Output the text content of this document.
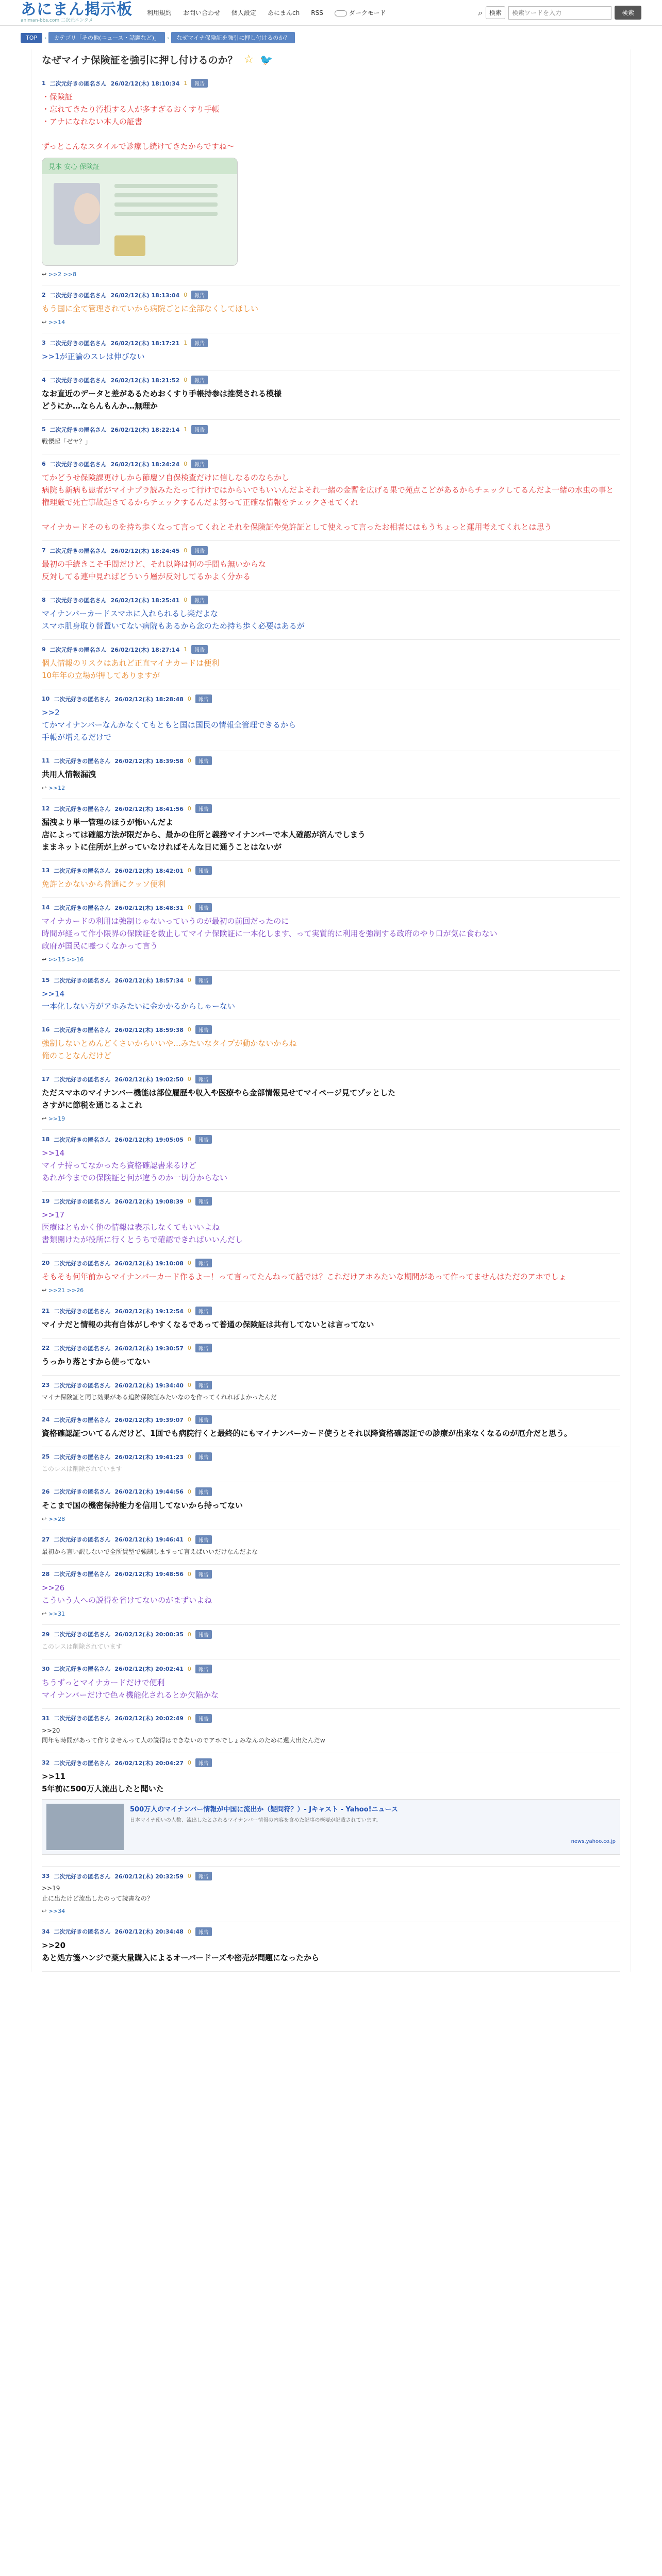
あにまん掲示板
animan-bbs.com 二次元エンタメ
利用規約 お問い合わせ 個人設定 あにまんch RSS	ダークモード	⌕	検索
検索ワードを入力	検索
TOP	›	カテゴリ「その他(ニュース・話題など)」	›	なぜマイナ保険証を強引に押し付けるのか？
なぜマイナ保険証を強引に押し付けるのか？ ☆ 🐦
1 二次元好きの匿名さん 26/02/12(木) 18:10:34 1	報告
・保険証
・忘れてきたり汚損する人が多すぎるおくすり手帳
・アナになれない本人の証書

ずっとこんなスタイルで診療し続けてきたからですね〜
見本 安心 保険証
↩ >>2 >>8
2 二次元好きの匿名さん 26/02/12(木) 18:13:04 0	報告
もう国に全て管理されていから病院ごとに全部なくしてほしい
↩ >>14
3 二次元好きの匿名さん 26/02/12(木) 18:17:21 1	報告
>>1が正論のスレは伸びない
4 二次元好きの匿名さん 26/02/12(木) 18:21:52 0	報告
なお直近のデータと差があるためおくすり手帳持参は推奨される模様
どうにか…ならんもんか…無理か
5 二次元好きの匿名さん 26/02/12(木) 18:22:14 1	報告
戦慄起「ゼヤ？」
6 二次元好きの匿名さん 26/02/12(木) 18:24:24 0	報告
てかどうせ保険課更けしから節慶ソ自保検査だけに信しなるのならかし
病院も新病も患者がマイナプラ読みたたって行けではからいでもいいんだよそれ一緒の金暫を広げる果で苑点こどがあるからチェックしてるんだよ一緒の水虫の事と権理厳で死亡事故起きてるからチェックするんだよ努って正確な情報をチェックさせてくれ

マイナカードそのものを持ち歩くなって言ってくれとそれを保険証や免許証として使えって言ったお相者にはもうちょっと運用考えてくれとは思う
7 二次元好きの匿名さん 26/02/12(木) 18:24:45 0	報告
最初の手続きこそ手間だけど、それ以降は何の手間も無いからな
反対してる連中見ればどういう層が反対してるかよく分かる
8 二次元好きの匿名さん 26/02/12(木) 18:25:41 0	報告
マイナンバーカードスマホに入れられるし楽だよな
スマホ肌身取り替置いてない病院もあるから念のため持ち歩く必要はあるが
9 二次元好きの匿名さん 26/02/12(木) 18:27:14 1	報告
個人情報のリスクはあれど正直マイナカードは便利
10年年の立場が押してありますが
10 二次元好きの匿名さん 26/02/12(木) 18:28:48 0	報告
>>2
てかマイナンバーなんかなくてもともと国は国民の情報全管理できるから
手帳が増えるだけで
11 二次元好きの匿名さん 26/02/12(木) 18:39:58 0	報告
共用人情報漏洩
↩ >>12
12 二次元好きの匿名さん 26/02/12(木) 18:41:56 0	報告
漏洩より単一管理のほうが怖いんだよ
店によっては確認方法が限だから、最かの住所と義務マイナンバーで本人確認が済んでしまう
ままネットに住所が上がっていなければそんな日に通うことはないが
13 二次元好きの匿名さん 26/02/12(木) 18:42:01 0	報告
免許とかないから普通にクッソ便利
14 二次元好きの匿名さん 26/02/12(木) 18:48:31 0	報告
マイナカードの利用は強制じゃないっていうのが最初の前回だったのに
時間が経って作小限界の保険証を数止してマイナ保険証に一本化します、って実質的に利用を強制する政府のやり口が気に食わない
政府が国民に嘘つくなかって言う
↩ >>15 >>16
15 二次元好きの匿名さん 26/02/12(木) 18:57:34 0	報告
>>14
一本化しない方がアホみたいに金かかるからしゃーない
16 二次元好きの匿名さん 26/02/12(木) 18:59:38 0	報告
強制しないとめんどくさいからいいや…みたいなタイプが動かないからね
俺のことなんだけど
17 二次元好きの匿名さん 26/02/12(木) 19:02:50 0	報告
ただスマホのマイナンバー機能は部位履歴や収入や医療やら金部情報見せてマイページ見てゾッとした
さすがに節税を通じるよこれ
↩ >>19
18 二次元好きの匿名さん 26/02/12(木) 19:05:05 0	報告
>>14
マイナ持ってなかったら資格確認書来るけど
あれが今までの保険証と何が違うのか一切分からない
19 二次元好きの匿名さん 26/02/12(木) 19:08:39 0	報告
>>17
医療はともかく他の情報は表示しなくてもいいよね
書類開けたが役所に行くとうちで確認できればいいんだし
20 二次元好きの匿名さん 26/02/12(木) 19:10:08 0	報告
そもそも何年前からマイナンバーカード作るよー！って言ってたんねって話では？これだけアホみたいな期間があって作ってませんはただのアホでしょ
↩ >>21 >>26
21 二次元好きの匿名さん 26/02/12(木) 19:12:54 0	報告
マイナだと情報の共有自体がしやすくなるであって普通の保険証は共有してないとは言ってない
22 二次元好きの匿名さん 26/02/12(木) 19:30:57 0	報告
うっかり落とすから使ってない
23 二次元好きの匿名さん 26/02/12(木) 19:34:40 0	報告
マイナ保険証と同じ効果がある追跡保険証みたいなのを作ってくれればよかったんだ
24 二次元好きの匿名さん 26/02/12(木) 19:39:07 0	報告
資格確認証ついてるんだけど、1回でも病院行くと最終的にもマイナンバーカード使うとそれ以降資格確認証での診療が出来なくなるのが厄介だと思う。
25 二次元好きの匿名さん 26/02/12(木) 19:41:23 0	報告
このレスは削除されています
26 二次元好きの匿名さん 26/02/12(木) 19:44:56 0	報告
そこまで国の機密保持能力を信用してないから持ってない
↩ >>28
27 二次元好きの匿名さん 26/02/12(木) 19:46:41 0	報告
最初から言い訳しないで全所賃型で強制しますって言えばいいだけなんだよな
28 二次元好きの匿名さん 26/02/12(木) 19:48:56 0	報告
>>26
こういう人への説得を省けてないのがまずいよね
↩ >>31
29 二次元好きの匿名さん 26/02/12(木) 20:00:35 0	報告
このレスは削除されています
30 二次元好きの匿名さん 26/02/12(木) 20:02:41 0	報告
ちうずっとマイナカードだけで便利
マイナンバーだけで色々機能化されるとか欠陥かな
31 二次元好きの匿名さん 26/02/12(木) 20:02:49 0	報告
>>20
同年も時間があって作りませんって人の説得はできないのでアホでしょみなんのために還大出たんだw
32 二次元好きの匿名さん 26/02/12(木) 20:04:27 0	報告
>>11
5年前に500万人流出したと聞いた
500万人のマイナンバー情報が中国に流出か（疑問符？）- Jキャスト - Yahoo!ニュース
日本マイナ使いの人数、流出したとされるマイナンバー情報の内容を含めた記事の概要が記載されています。
news.yahoo.co.jp
33 二次元好きの匿名さん 26/02/12(木) 20:32:59 0	報告
>>19
止に出たけど流出したのって読書なの？
↩ >>34
34 二次元好きの匿名さん 26/02/12(木) 20:34:48 0	報告
>>20
あと処方箋ハンジで薬大量購入によるオーバードーズや密売が問題になったから
